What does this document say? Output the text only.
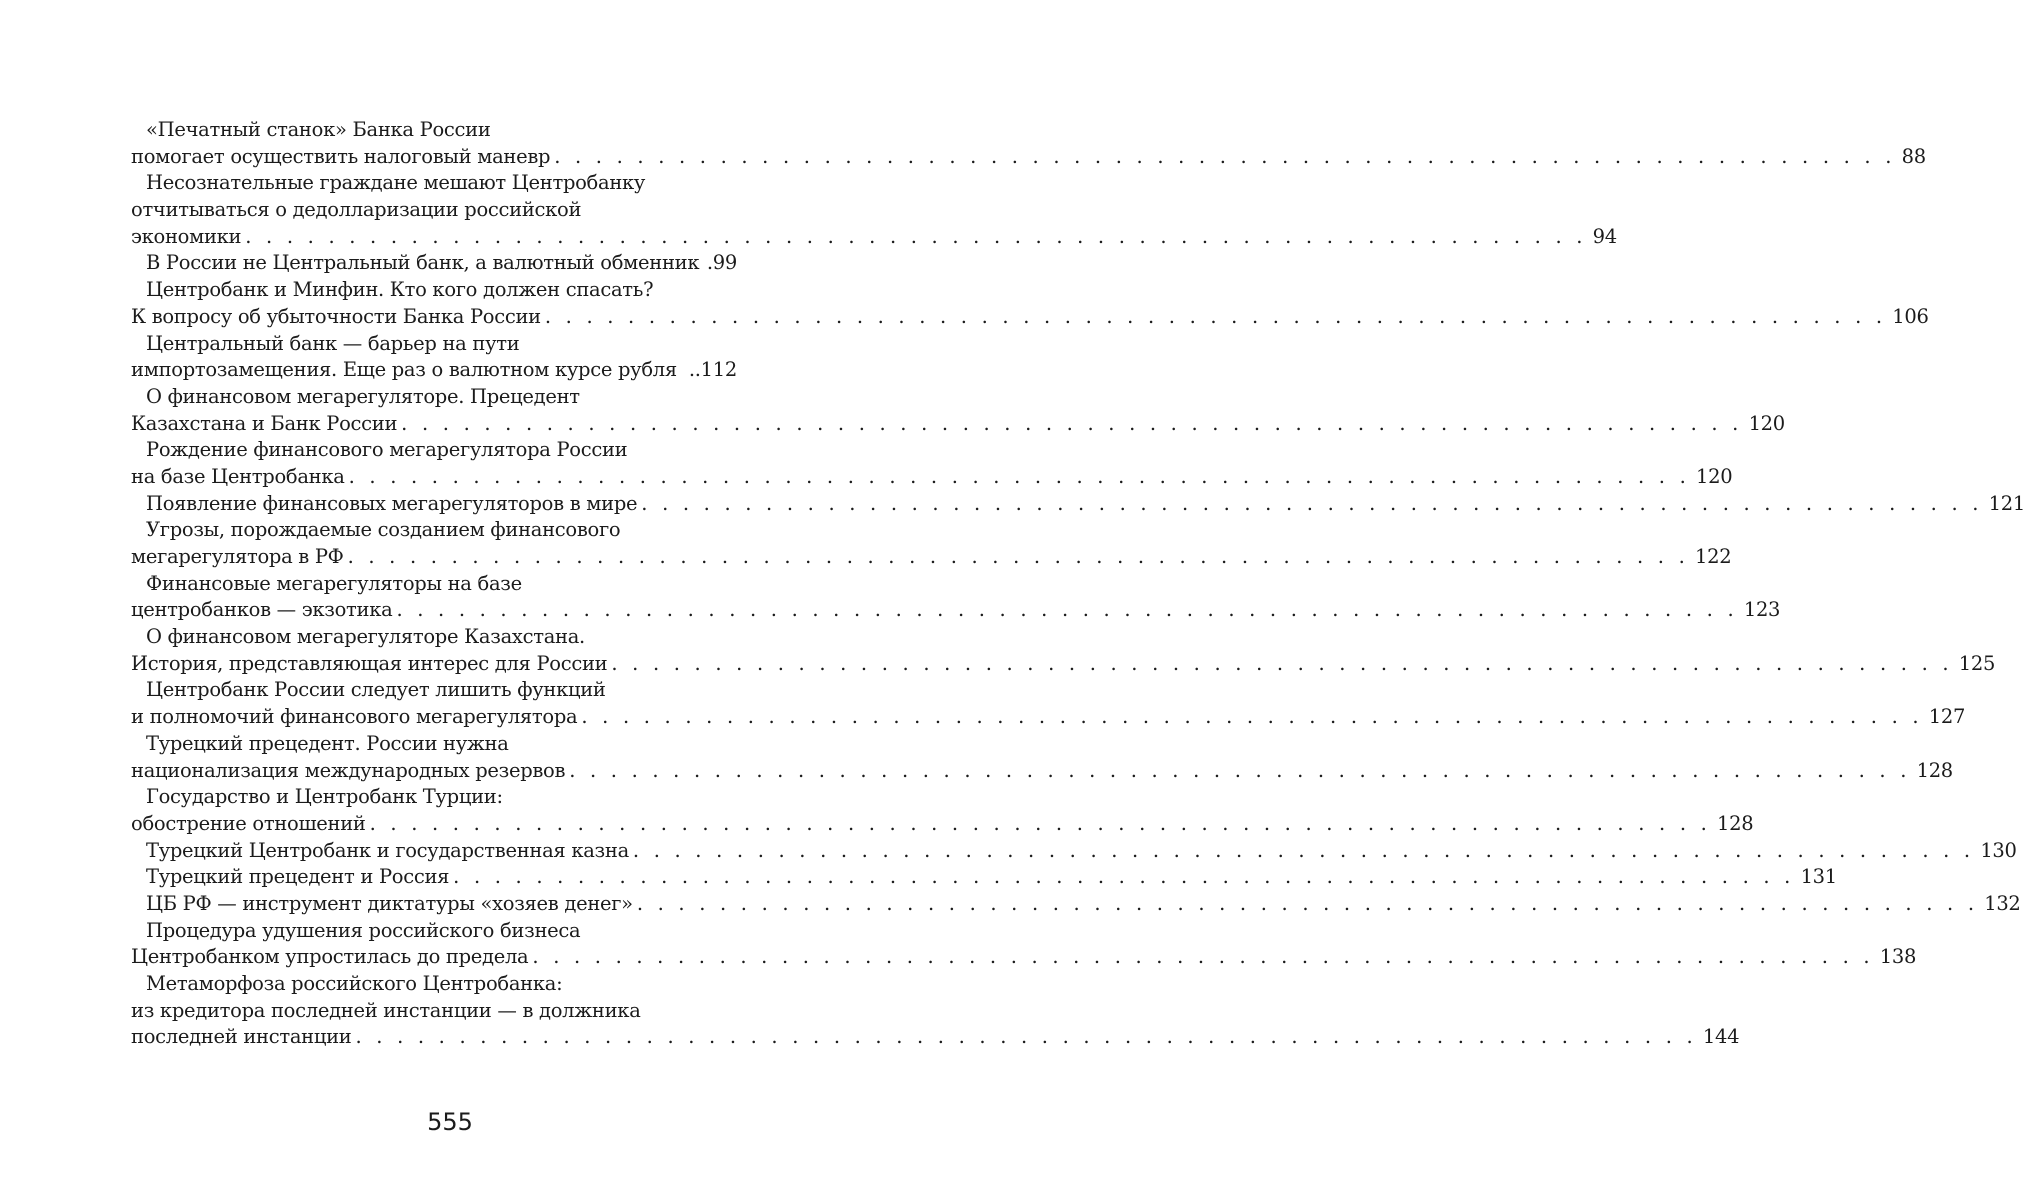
«Печатный станок» Банка России
помогает осуществить налоговый маневр . . . . . . . . . . . . . . . . . . . . . . . . . . . . . . . . . . . . . . . . . . . . . . . . . . . . . . . . . . . . . . . . . 88
Несознательные граждане мешают Центробанку
отчитываться о дедолларизации российской
экономики . . . . . . . . . . . . . . . . . . . . . . . . . . . . . . . . . . . . . . . . . . . . . . . . . . . . . . . . . . . . . . . . . 94
В России не Центральный банк, а валютный обменник .99
Центробанк и Минфин. Кто кого должен спасать?
К вопросу об убыточности Банка России . . . . . . . . . . . . . . . . . . . . . . . . . . . . . . . . . . . . . . . . . . . . . . . . . . . . . . . . . . . . . . . . . 106
Центральный банк — барьер на пути
импортозамещения. Еще раз о валютном курсе рубля ..112
О финансовом мегарегуляторе. Прецедент
Казахстана и Банк России . . . . . . . . . . . . . . . . . . . . . . . . . . . . . . . . . . . . . . . . . . . . . . . . . . . . . . . . . . . . . . . . . 120
Рождение финансового мегарегулятора России
на базе Центробанка . . . . . . . . . . . . . . . . . . . . . . . . . . . . . . . . . . . . . . . . . . . . . . . . . . . . . . . . . . . . . . . . . 120
Появление финансовых мегарегуляторов в мире . . . . . . . . . . . . . . . . . . . . . . . . . . . . . . . . . . . . . . . . . . . . . . . . . . . . . . . . . . . . . . . . . 121
Угрозы, порождаемые созданием финансового
мегарегулятора в РФ . . . . . . . . . . . . . . . . . . . . . . . . . . . . . . . . . . . . . . . . . . . . . . . . . . . . . . . . . . . . . . . . . 122
Финансовые мегарегуляторы на базе
центробанков — экзотика . . . . . . . . . . . . . . . . . . . . . . . . . . . . . . . . . . . . . . . . . . . . . . . . . . . . . . . . . . . . . . . . . 123
О финансовом мегарегуляторе Казахстана.
История, представляющая интерес для России . . . . . . . . . . . . . . . . . . . . . . . . . . . . . . . . . . . . . . . . . . . . . . . . . . . . . . . . . . . . . . . . . 125
Центробанк России следует лишить функций
и полномочий финансового мегарегулятора . . . . . . . . . . . . . . . . . . . . . . . . . . . . . . . . . . . . . . . . . . . . . . . . . . . . . . . . . . . . . . . . . 127
Турецкий прецедент. России нужна
национализация международных резервов . . . . . . . . . . . . . . . . . . . . . . . . . . . . . . . . . . . . . . . . . . . . . . . . . . . . . . . . . . . . . . . . . 128
Государство и Центробанк Турции:
обострение отношений . . . . . . . . . . . . . . . . . . . . . . . . . . . . . . . . . . . . . . . . . . . . . . . . . . . . . . . . . . . . . . . . . 128
Турецкий Центробанк и государственная казна . . . . . . . . . . . . . . . . . . . . . . . . . . . . . . . . . . . . . . . . . . . . . . . . . . . . . . . . . . . . . . . . . 130
Турецкий прецедент и Россия . . . . . . . . . . . . . . . . . . . . . . . . . . . . . . . . . . . . . . . . . . . . . . . . . . . . . . . . . . . . . . . . . 131
ЦБ РФ — инструмент диктатуры «хозяев денег» . . . . . . . . . . . . . . . . . . . . . . . . . . . . . . . . . . . . . . . . . . . . . . . . . . . . . . . . . . . . . . . . . 132
Процедура удушения российского бизнеса
Центробанком упростилась до предела . . . . . . . . . . . . . . . . . . . . . . . . . . . . . . . . . . . . . . . . . . . . . . . . . . . . . . . . . . . . . . . . . 138
Метаморфоза российского Центробанка:
из кредитора последней инстанции — в должника
последней инстанции . . . . . . . . . . . . . . . . . . . . . . . . . . . . . . . . . . . . . . . . . . . . . . . . . . . . . . . . . . . . . . . . . 144
555
